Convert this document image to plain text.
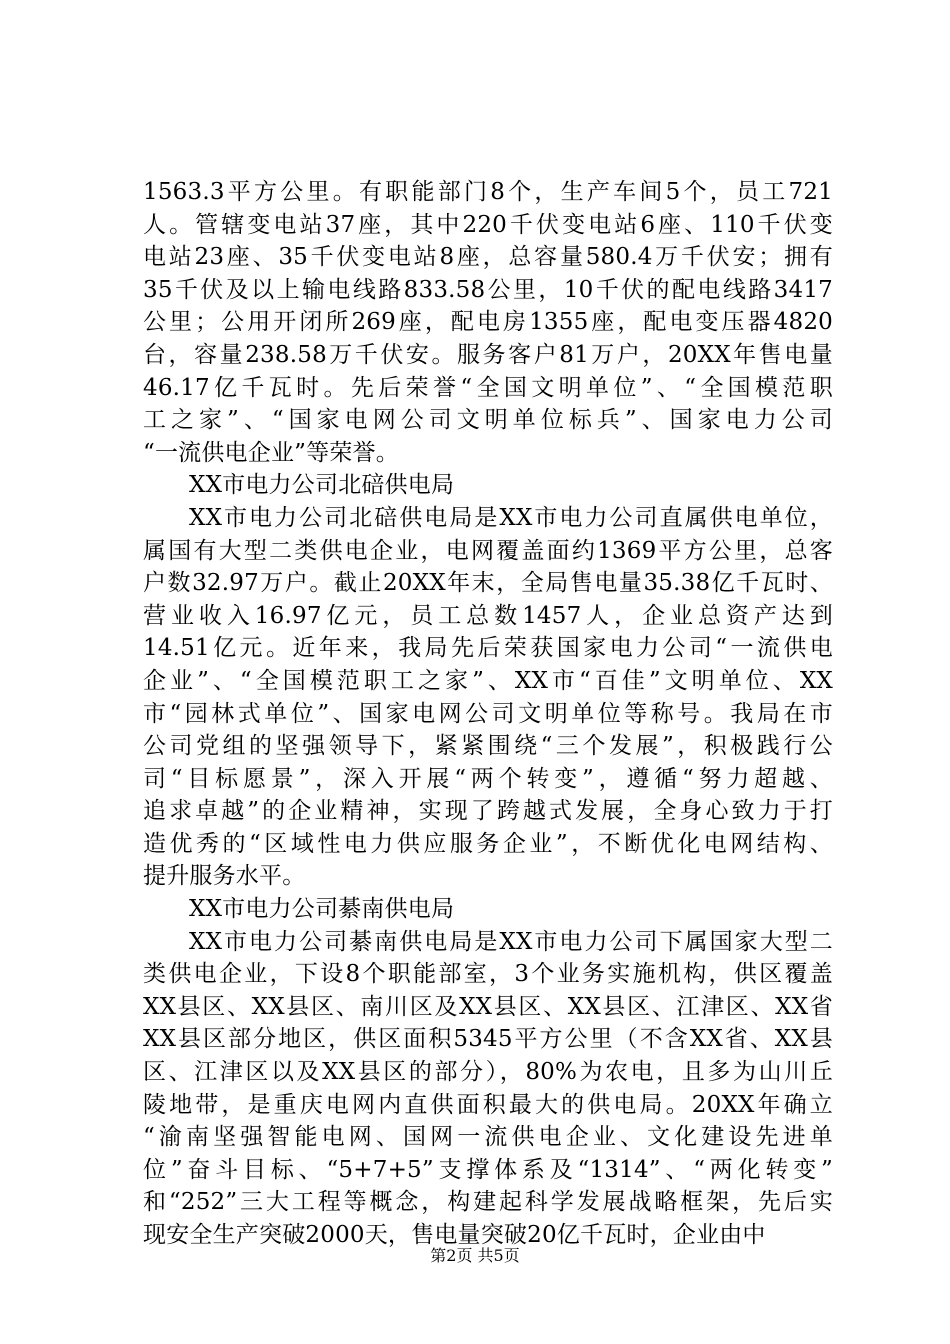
1563.3平方公里。有职能部门8个，生产车间5个，员工721
人。管辖变电站37座，其中220千伏变电站6座、110千伏变
电站23座、35千伏变电站8座，总容量580.4万千伏安；拥有
35千伏及以上输电线路833.58公里，10千伏的配电线路3417
公里；公用开闭所269座，配电房1355座，配电变压器4820
台，容量238.58万千伏安。服务客户81万户，20XX年售电量
46.17亿千瓦时。先后荣誉“全国文明单位”、“全国模范职
工之家”、“国家电网公司文明单位标兵”、国家电力公司
“一流供电企业”等荣誉。
XX市电力公司北碚供电局
XX市电力公司北碚供电局是XX市电力公司直属供电单位，
属国有大型二类供电企业，电网覆盖面约1369平方公里，总客
户数32.97万户。截止20XX年末，全局售电量35.38亿千瓦时、
营业收入16.97亿元，员工总数1457人，企业总资产达到
14.51亿元。近年来，我局先后荣获国家电力公司“一流供电
企业”、“全国模范职工之家”、XX市“百佳”文明单位、XX
市“园林式单位”、国家电网公司文明单位等称号。我局在市
公司党组的坚强领导下，紧紧围绕“三个发展”，积极践行公
司“目标愿景”，深入开展“两个转变”，遵循“努力超越、
追求卓越”的企业精神，实现了跨越式发展，全身心致力于打
造优秀的“区域性电力供应服务企业”，不断优化电网结构、
提升服务水平。
XX市电力公司綦南供电局
XX市电力公司綦南供电局是XX市电力公司下属国家大型二
类供电企业，下设8个职能部室，3个业务实施机构，供区覆盖
XX县区、XX县区、南川区及XX县区、XX县区、江津区、XX省
XX县区部分地区，供区面积5345平方公里（不含XX省、XX县
区、江津区以及XX县区的部分），80%为农电，且多为山川丘
陵地带，是重庆电网内直供面积最大的供电局。20XX年确立
“渝南坚强智能电网、国网一流供电企业、文化建设先进单
位”奋斗目标、“5+7+5”支撑体系及“1314”、“两化转变”
和“252”三大工程等概念，构建起科学发展战略框架，先后实
现安全生产突破2000天，售电量突破20亿千瓦时，企业由中
第2页 共5页
